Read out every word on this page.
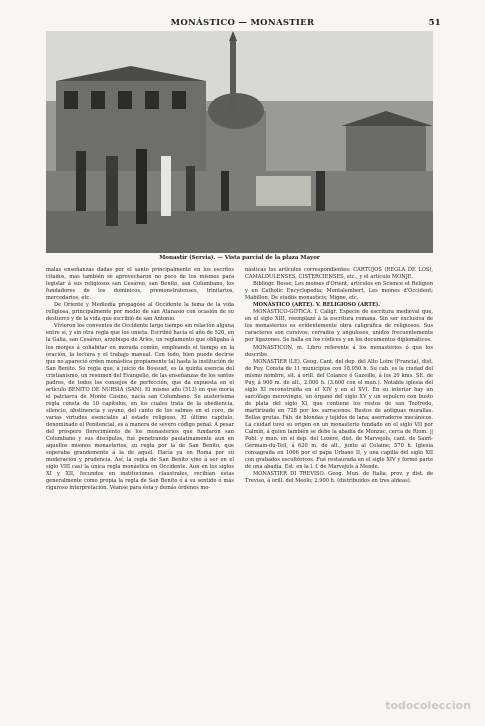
MONÁSTICO — MONASTIER	51
Monastir (Servia). — Vista parcial de la plaza Mayor

malas enseñanzas dadas por el santo principalmente en los escritos citados, mas también se aprovecharon no poco de los mismos para legislar á sus religiosos san Cesáreo, san Benito, san Columbano, los fundadores de los dominicos, premonstratenses, trinitarios, mercedarios, etc.

De Oriente y Mediodía propagóse al Occidente la fama de la vida religiosa, principalmente por medio de san Atanasio con ocasión de su destierro y de la vida que escribió de san Antonio.

Vivieron los conventos de Occidente largo tiempo sin relación alguna entre sí, y sin otra regla que los unieta. Escribió hacia el año de 520, en la Galia, san Cesáreo, arzobispo de Arles, un reglamento que obligaba á los monjes á cohabitar en morada común, empleando el tiempo en la oración, la lectura y el trabajo manual. Con todo, bien puede decirse que no apareció orden monástica propiamente tal hasta la institución de San Benito. Su regla que, á juicio de Bossuet, es la quinta esencia del cristianismo, un resumen del Evangelio, de las enseñanzas de los santos padres, de todos los consejos de perfección, que da expuesta en el artículo BENITO DE NURSIA (SAN). El mismo año (513) en que moría el patriarca de Monte Casino, nacía san Columbano. Su austerísima regla consta de 10 capítulos, en los cuales trata de la obediencia, silencio, abstinencia y ayuno, del canto de los salmos en el coro, de varias virtudes esenciales al estado religioso. El último capítulo, denominado el Penitencial, es á manera de severo código penal. Á pesar del próspero florecimiento de los monasterios que fundaron san Columbano y sus discípulos, fué penetrando paulatinamente aun en aquellos mismos monasterios, su regla por la de San Benito, que superaba grandemente á la de aquél. Hacía ya en Roma por su moderación y prudencia. Así, la regla de San Benito vino á ser en el siglo VIII casi la única regla monástica en Occidente. Aun en los siglos XI y XII, fecundos en instituciones claustrales, recibían éstas generalmente como propia la regla de San Benito ó á su sentido ó más riguroso interpretación. Véanse para ésta y demás órdenes mo-

násticas los artículos correspondientes: CARTUJOS (REGLA DE LOS), CAMALDULENSES, CISTERCIENSES, etc., y el artículo MONJE.

Bibliogr. Besse, Les moines d'Orient, artículos en Science et Religion y en Catholic Encyclopedia; Montalembert, Les moines d'Occident; Mabillon, De studiis monasticis; Migne, etc.

MONÁSTICO (ARTE). V. RELIGIOSO (ARTE).

MONÁSTICO-GÓTICA. f. Caligr. Especie de escritura medieval que, en el siglo XIII, reemplazó á la escritura romana. Sin ser exclusiva de los monasterios es evidentemente obra caligráfica de religiosos. Sus caracteres son cursivos, cerrados y angulosos, unidos frecuentemente por ligazones. Se halla en los códices y en los documentos diplomáticos.

MONASTICON. m. Libro referente á los monasterios ó que los describe.

MONASTIER (LE). Geog. Cant. del dep. del Alto Loire (Francia), dist. de Puy. Consta de 11 municipios con 18.050 h. Su cab. es la ciudad del mismo nombre, sit. á orill. del Colance ó Gazeille, á los 20 kms. SE. de Puy, á 900 m. de alt., 2.000 h. (3.600 con el mun.). Notable iglesia del siglo XI reconstruida en el XIV y en el XVI. En su interior hay un sarcófago merovingio, un órgano del siglo XV y un sepulcro con busto de plata del siglo XI, que contiene los restos de san Teofredo, martirizado en 728 por los sarracenos. Restos de antiguas murallas. Bellas grutas. Fáb. de blondas y tejidos de lana; aserraderos mecánicos. La ciudad tuvo su origen en un monasterio fundado en el siglo VII por Calmin, á quien también se debe la abadía de Monzac, cerca de Riom. || Pobl. y mun. en el dep. del Lozère, dist. de Marvejols, cant. de Saint-Germain-du-Teil, á 620 m. de alt., junto al Colaine; 570 h. Iglesia consagrada en 1066 por el papa Urbano II, y una capilla del siglo XII con grabados escultóricos. Fué restaurada en el siglo XIV y formó parte de una abadía. Est. en la l. f. de Marvejols á Mende.

MONASTIER DI TREVISO. Geog. Mun. de Italia, prov. y dist. de Treviso, á orill. del Meolo; 2.900 h. (distribuidos en tres aldeas).

todocoleccion
